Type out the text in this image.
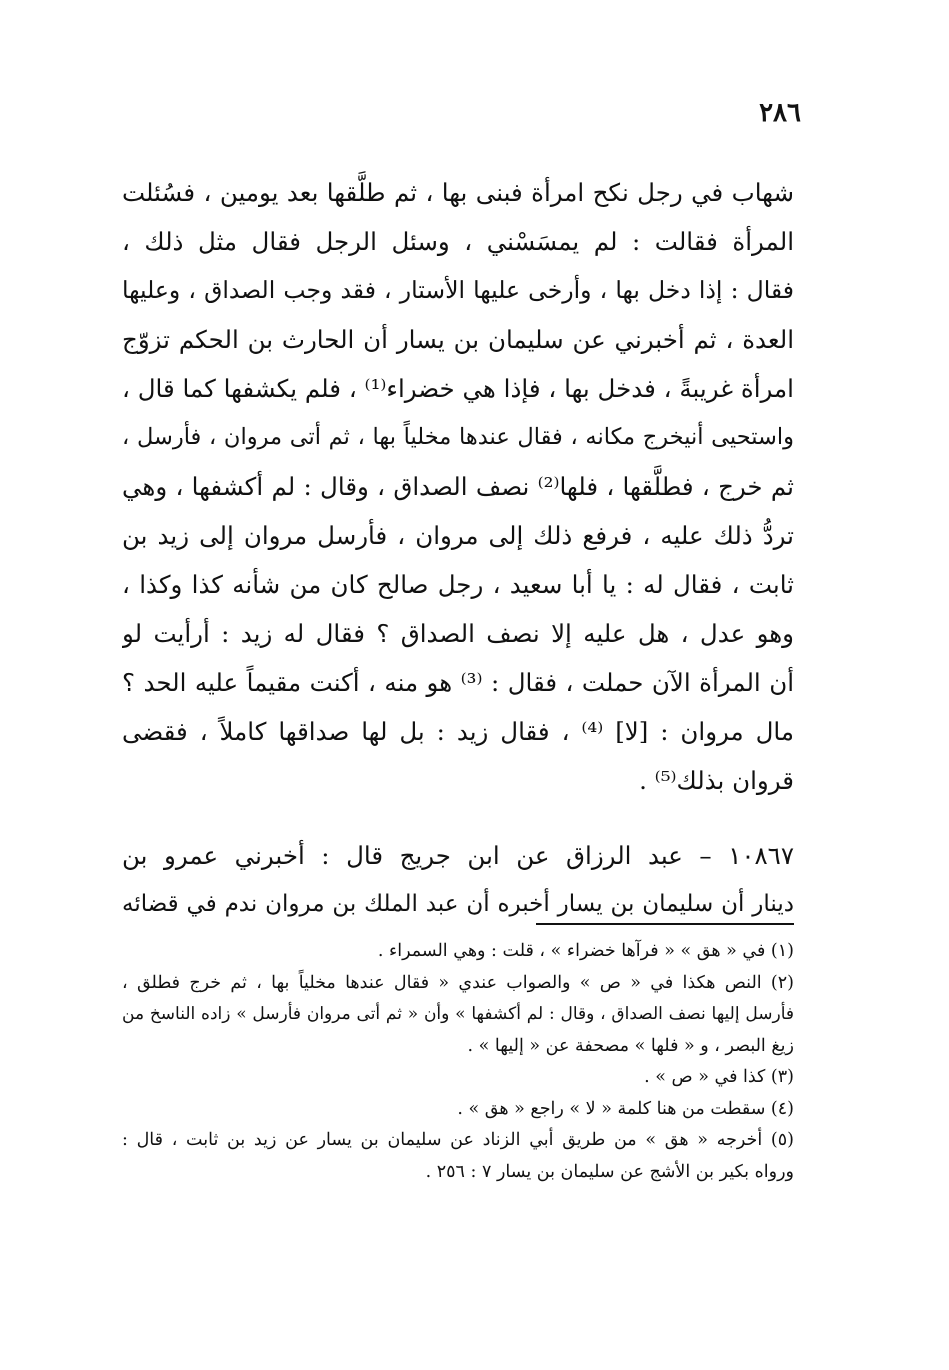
٢٨٦
شهاب في رجل نكح امرأة فبنى بها ، ثم طلَّقها بعد يومين ، فسُئلت
المرأة فقالت : لم يمسَسْني ، وسئل الرجل فقال مثل ذلك ،
فقال : إذا دخل بها ، وأرخى عليها الأستار ، فقد وجب الصداق ، وعليها
العدة ، ثم أخبرني عن سليمان بن يسار أن الحارث بن الحكم تزوّج
امرأة غريبةً ، فدخل بها ، فإذا هي خضراء⁽¹⁾ ، فلم يكشفها كما قال ،
واستحيى أنيخرج مكانه ، فقال عندها مخلياً بها ، ثم أتى مروان ، فأرسل ،
ثم خرج ، فطلَّقها ، فلها⁽²⁾ نصف الصداق ، وقال : لم أكشفها ، وهي
تردُّ ذلك عليه ، فرفع ذلك إلى مروان ، فأرسل مروان إلى زيد بن
ثابت ، فقال له : يا أبا سعيد ، رجل صالح كان من شأنه كذا وكذا ،
وهو عدل ، هل عليه إلا نصف الصداق ؟ فقال له زيد : أرأيت لو
أن المرأة الآن حملت ، فقال : ⁽³⁾ هو منه ، أكنت مقيماً عليه الحد ؟
مال مروان : [لا] ⁽⁴⁾ ، فقال زيد : بل لها صداقها كاملاً ، فقضى
قروان بذلك⁽⁵⁾ .
١٠٨٦٧ – عبد الرزاق عن ابن جريج قال : أخبرني عمرو بن
دينار أن سليمان بن يسار أخبره أن عبد الملك بن مروان ندم في قضائه
(١) في « هق » « فرآها خضراء » ، قلت : وهي السمراء .
(٢) النص هكذا في « ص » والصواب عندي « فقال عندها مخلياً بها ، ثم خرج فطلق ،
فأرسل إليها نصف الصداق ، وقال : لم أكشفها » وأن « ثم أتى مروان فأرسل » زاده الناسخ من
زيغ البصر ، و « فلها » مصحفة عن « إليها » .
(٣) كذا في « ص » .
(٤) سقطت من هنا كلمة « لا » راجع « هق » .
(٥) أخرجه « هق » من طريق أبي الزناد عن سليمان بن يسار عن زيد بن ثابت ، قال :
ورواه بكير بن الأشج عن سليمان بن يسار ٧ : ٢٥٦ .
